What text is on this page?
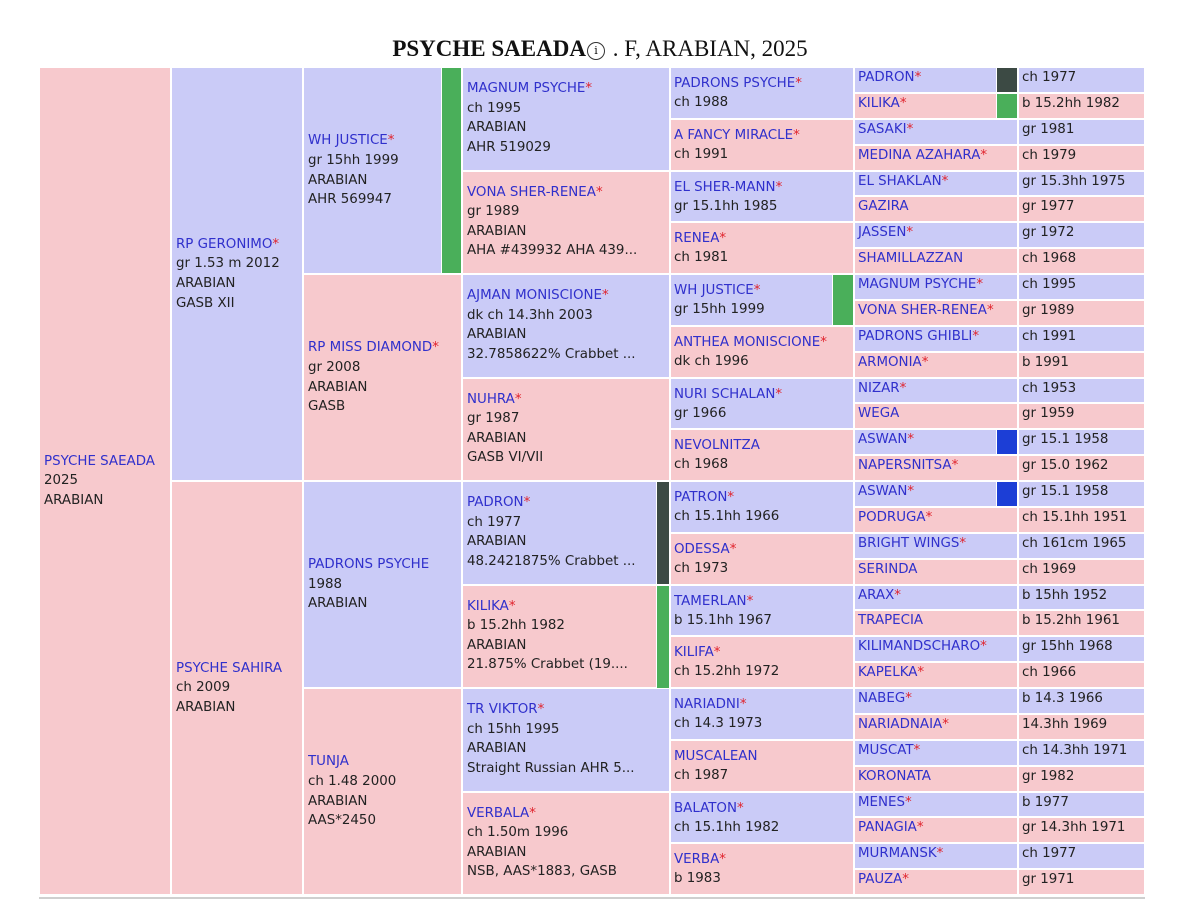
PSYCHE SAEADA i . F, ARABIAN, 2025
PSYCHE SAEADA
2025
ARABIAN
RP GERONIMO*
gr 1.53 m 2012
ARABIAN
GASB XII
PSYCHE SAHIRA
ch 2009
ARABIAN
WH JUSTICE*
gr 15hh 1999
ARABIAN
AHR 569947
RP MISS DIAMOND*
gr 2008
ARABIAN
GASB
PADRONS PSYCHE
1988
ARABIAN
TUNJA
ch 1.48 2000
ARABIAN
AAS*2450
MAGNUM PSYCHE*
ch 1995
ARABIAN
AHR 519029
VONA SHER-RENEA*
gr 1989
ARABIAN
AHA #439932 AHA 439...
AJMAN MONISCIONE*
dk ch 14.3hh 2003
ARABIAN
32.7858622% Crabbet ...
NUHRA*
gr 1987
ARABIAN
GASB VI/VII
PADRON*
ch 1977
ARABIAN
48.2421875% Crabbet ...
KILIKA*
b 15.2hh 1982
ARABIAN
21.875% Crabbet (19....
TR VIKTOR*
ch 15hh 1995
ARABIAN
Straight Russian AHR 5...
VERBALA*
ch 1.50m 1996
ARABIAN
NSB, AAS*1883, GASB
PADRONS PSYCHE*
ch 1988
A FANCY MIRACLE*
ch 1991
EL SHER-MANN*
gr 15.1hh 1985
RENEA*
ch 1981
WH JUSTICE*
gr 15hh 1999
ANTHEA MONISCIONE*
dk ch 1996
NURI SCHALAN*
gr 1966
NEVOLNITZA
ch 1968
PATRON*
ch 15.1hh 1966
ODESSA*
ch 1973
TAMERLAN*
b 15.1hh 1967
KILIFA*
ch 15.2hh 1972
NARIADNI*
ch 14.3 1973
MUSCALEAN
ch 1987
BALATON*
ch 15.1hh 1982
VERBA*
b 1983
PADRON*	ch 1977
KILIKA*	b 15.2hh 1982
SASAKI*	gr 1981
MEDINA AZAHARA*	ch 1979
EL SHAKLAN*	gr 15.3hh 1975
GAZIRA	gr 1977
JASSEN*	gr 1972
SHAMILLAZZAN	ch 1968
MAGNUM PSYCHE*	ch 1995
VONA SHER-RENEA*	gr 1989
PADRONS GHIBLI*	ch 1991
ARMONIA*	b 1991
NIZAR*	ch 1953
WEGA	gr 1959
ASWAN*	gr 15.1 1958
NAPERSNITSA*	gr 15.0 1962
ASWAN*	gr 15.1 1958
PODRUGA*	ch 15.1hh 1951
BRIGHT WINGS*	ch 161cm 1965
SERINDA	ch 1969
ARAX*	b 15hh 1952
TRAPECIA	b 15.2hh 1961
KILIMANDSCHARO*	gr 15hh 1968
KAPELKA*	ch 1966
NABEG*	b 14.3 1966
NARIADNAIA*	14.3hh 1969
MUSCAT*	ch 14.3hh 1971
KORONATA	gr 1982
MENES*	b 1977
PANAGIA*	gr 14.3hh 1971
MURMANSK*	ch 1977
PAUZA*	gr 1971
